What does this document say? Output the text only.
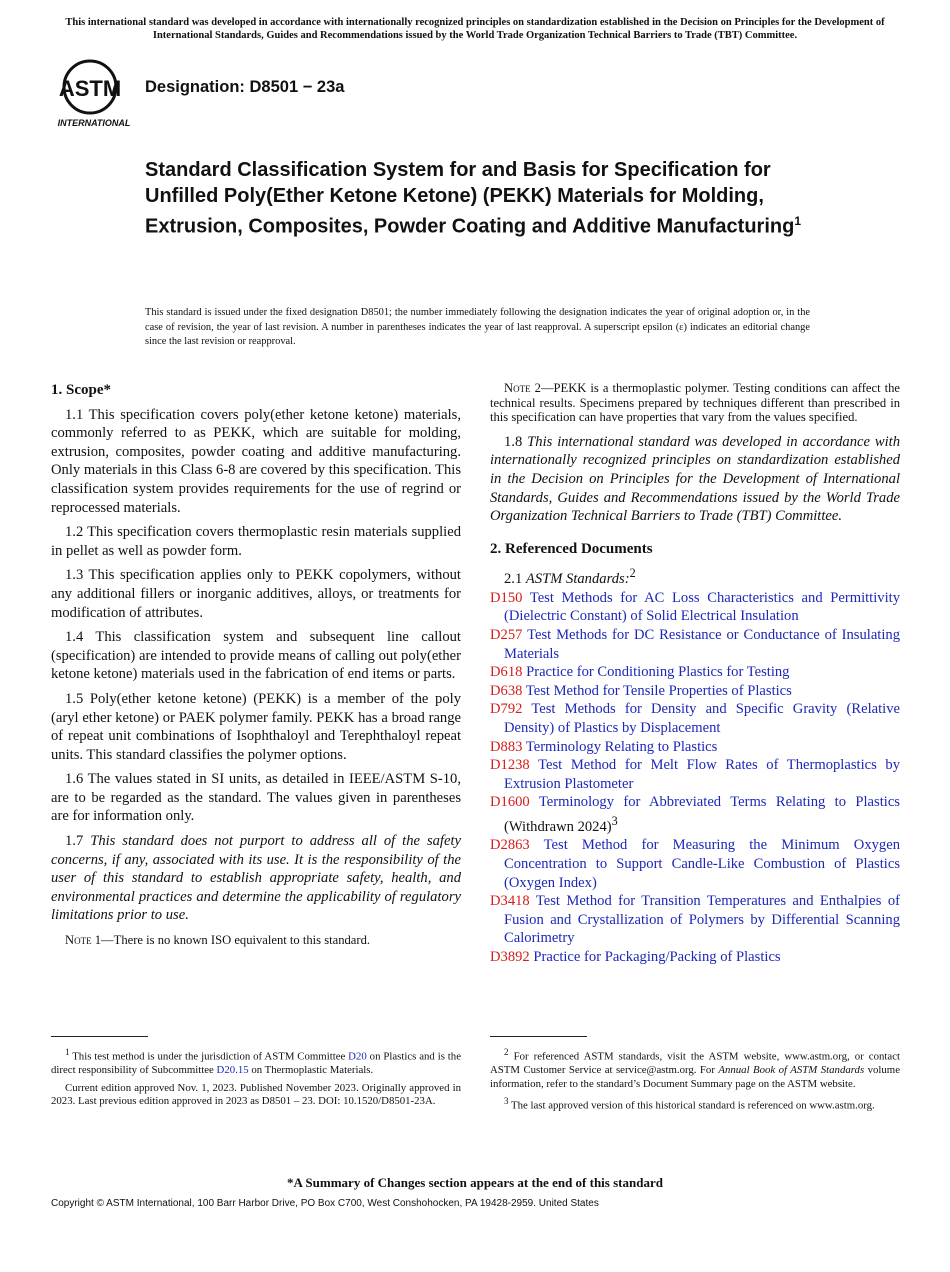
This international standard was developed in accordance with internationally recognized principles on standardization established in the Decision on Principles for the Development of International Standards, Guides and Recommendations issued by the World Trade Organization Technical Barriers to Trade (TBT) Committee.
ASTM
INTERNATIONAL
Designation: D8501 − 23a
Standard Classification System for and Basis for Specification for
Unfilled Poly(Ether Ketone Ketone) (PEKK) Materials for Molding, Extrusion, Composites, Powder Coating and Additive Manufacturing$^1$
This standard is issued under the fixed designation D8501; the number immediately following the designation indicates the year of original adoption or, in the case of revision, the year of last revision. A number in parentheses indicates the year of last reapproval. A superscript epsilon (ε) indicates an editorial change since the last revision or reapproval.
1. Scope*

1.1 This specification covers poly(ether ketone ketone) materials, commonly referred to as PEKK, which are suitable for molding, extrusion, composites, powder coating and additive manufacturing. Only materials in this Class 6-8 are covered by this specification. This classification system provides requirements for the use of regrind or reprocessed materials.

1.2 This specification covers thermoplastic resin materials supplied in pellet as well as powder form.

1.3 This specification applies only to PEKK copolymers, without any additional fillers or inorganic additives, alloys, or treatments for modification of attributes.

1.4 This classification system and subsequent line callout (specification) are intended to provide means of calling out poly(ether ketone ketone) materials used in the fabrication of end items or parts.

1.5 Poly(ether ketone ketone) (PEKK) is a member of the poly (aryl ether ketone) or PAEK polymer family. PEKK has a broad range of repeat unit combinations of Isophthaloyl and Terephthaloyl repeat units. This standard classifies the polymer options.

1.6 The values stated in SI units, as detailed in IEEE/ASTM S-10, are to be regarded as the standard. The values given in parentheses are for information only.

1.7 This standard does not purport to address all of the safety concerns, if any, associated with its use. It is the responsibility of the user of this standard to establish appropriate safety, health, and environmental practices and determine the applicability of regulatory limitations prior to use.

Note 1—There is no known ISO equivalent to this standard.

Note 2—PEKK is a thermoplastic polymer. Testing conditions can affect the technical results. Specimens prepared by techniques different than prescribed in this specification can have properties that vary from the values specified.

1.8 This international standard was developed in accordance with internationally recognized principles on standardization established in the Decision on Principles for the Development of International Standards, Guides and Recommendations issued by the World Trade Organization Technical Barriers to Trade (TBT) Committee.

2. Referenced Documents

2.1 ASTM Standards:$^2$

D150 Test Methods for AC Loss Characteristics and Permittivity (Dielectric Constant) of Solid Electrical Insulation
D257 Test Methods for DC Resistance or Conductance of Insulating Materials
D618 Practice for Conditioning Plastics for Testing
D638 Test Method for Tensile Properties of Plastics
D792 Test Methods for Density and Specific Gravity (Relative Density) of Plastics by Displacement
D883 Terminology Relating to Plastics
D1238 Test Method for Melt Flow Rates of Thermoplastics by Extrusion Plastometer
D1600 Terminology for Abbreviated Terms Relating to Plastics (Withdrawn 2024)$^3$
D2863 Test Method for Measuring the Minimum Oxygen Concentration to Support Candle-Like Combustion of Plastics (Oxygen Index)
D3418 Test Method for Transition Temperatures and Enthalpies of Fusion and Crystallization of Polymers by Differential Scanning Calorimetry
D3892 Practice for Packaging/Packing of Plastics

$^1$ This test method is under the jurisdiction of ASTM Committee D20 on Plastics and is the direct responsibility of Subcommittee D20.15 on Thermoplastic Materials.

Current edition approved Nov. 1, 2023. Published November 2023. Originally approved in 2023. Last previous edition approved in 2023 as D8501 – 23. DOI: 10.1520/D8501-23A.

$^2$ For referenced ASTM standards, visit the ASTM website, www.astm.org, or contact ASTM Customer Service at service@astm.org. For Annual Book of ASTM Standards volume information, refer to the standard’s Document Summary page on the ASTM website.

$^3$ The last approved version of this historical standard is referenced on www.astm.org.

*A Summary of Changes section appears at the end of this standard
Copyright © ASTM International, 100 Barr Harbor Drive, PO Box C700, West Conshohocken, PA 19428-2959. United States
